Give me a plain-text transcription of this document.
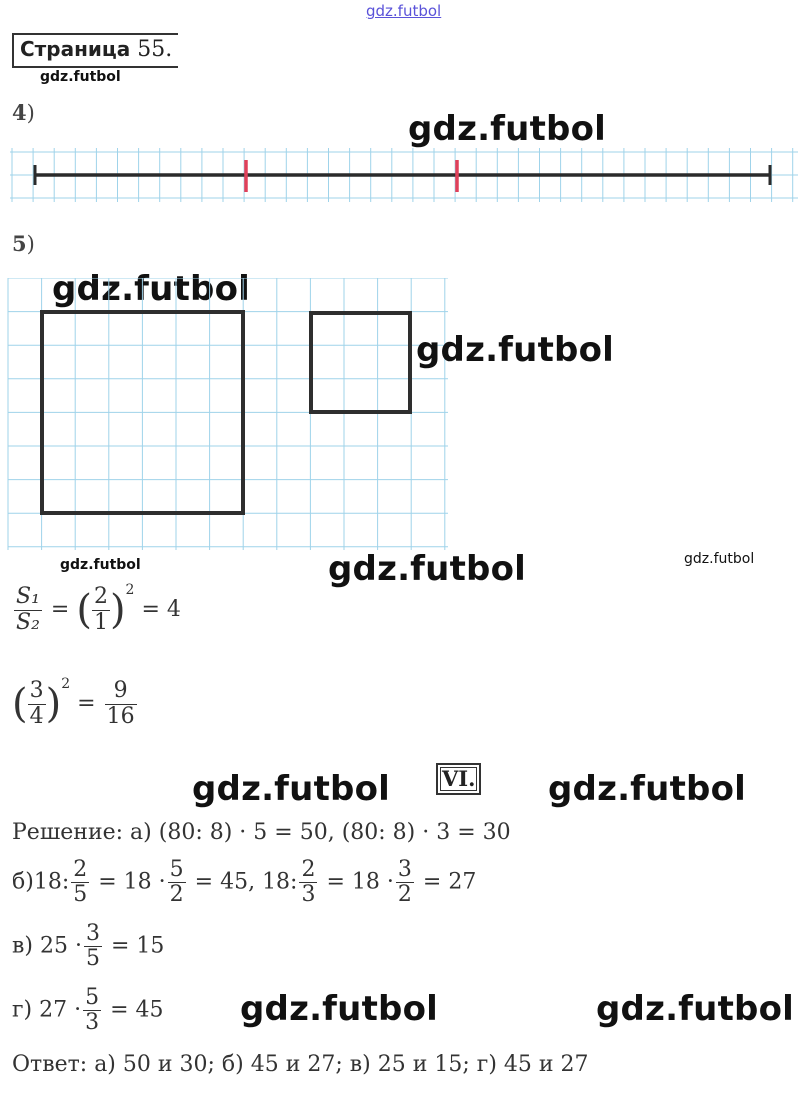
gdz.futbol
Страница 55.
gdz.futbol
4)	gdz.futbol
5)
gdz.futbol
gdz.futbol
gdz.futbol	gdz.futbol	gdz.futbol
$\frac{\text{S₁}}{\text{S₂}}$ = ( $\frac{2}{1} )^2 = 4$
( $\frac{3}{4} )^2 = \frac{9}{16}$
gdz.futbol VI. gdz.futbol
Решение: а) (80: 8) · 5 = 50, (80: 8) · 3 = 30
б)18: $\frac{2}{5} = 18 \cdot \frac{5}{2} = 45$, 18: $\frac{2}{3} = 18 \cdot \frac{3}{2} = 27$
в) $25 \cdot \frac{3}{5} = 15$
г) $27 \cdot \frac{5}{3} = 45$ gdz.futbol	gdz.futbol
Ответ: а) 50 и 30; б) 45 и 27; в) 25 и 15; г) 45 и 27
